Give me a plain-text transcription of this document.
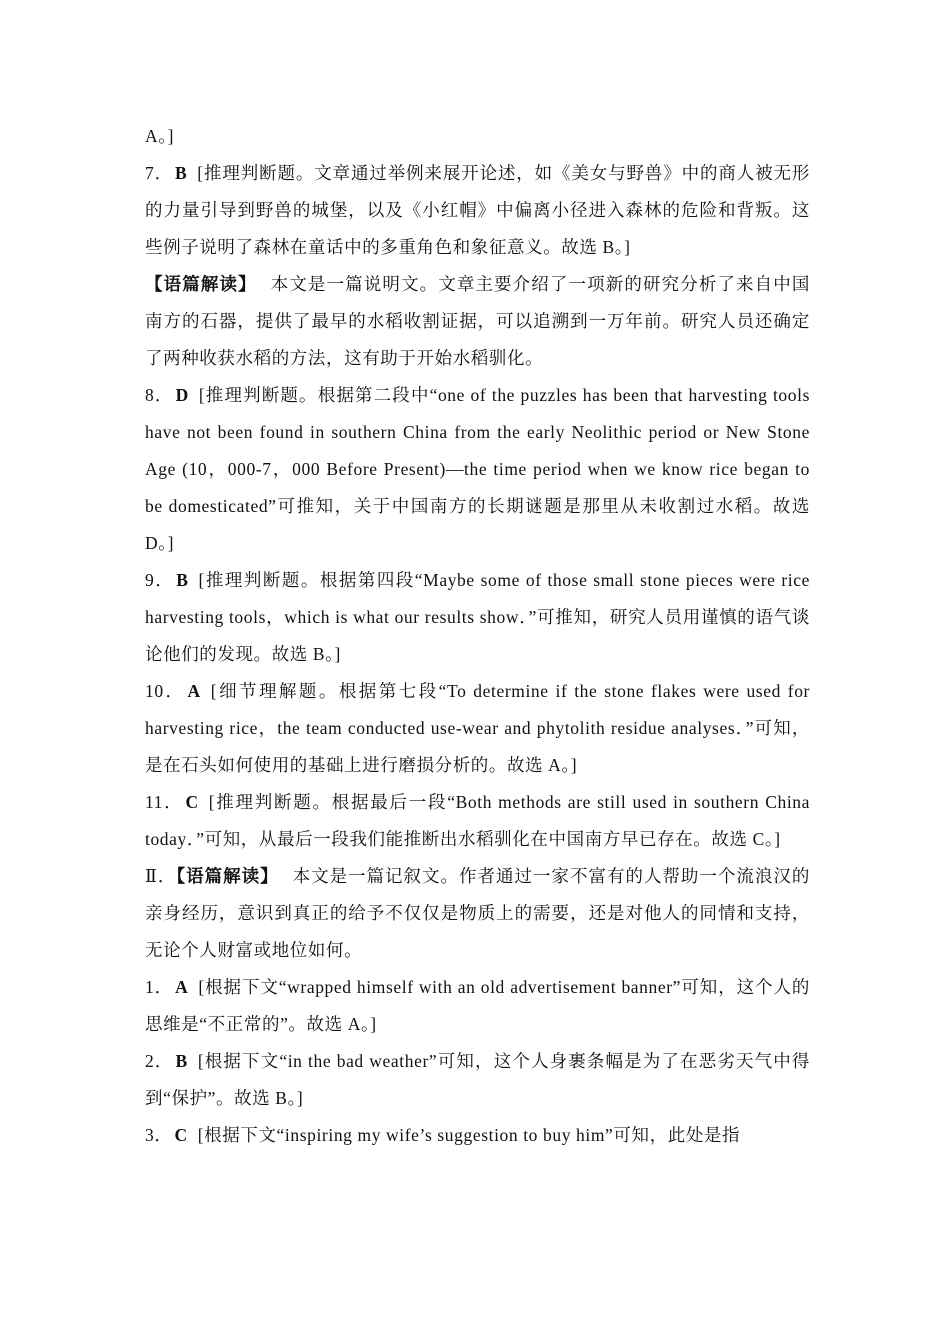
A。]

7． B [推理判断题。文章通过举例来展开论述，如《美女与野兽》中的商人被无形的力量引导到野兽的城堡，以及《小红帽》中偏离小径进入森林的危险和背叛。这些例子说明了森林在童话中的多重角色和象征意义。故选 B。]

【语篇解读】 本文是一篇说明文。文章主要介绍了一项新的研究分析了来自中国南方的石器，提供了最早的水稻收割证据，可以追溯到一万年前。研究人员还确定了两种收获水稻的方法，这有助于开始水稻驯化。

8． D [推理判断题。根据第二段中“one of the puzzles has been that harvesting tools have not been found in southern China from the early Neolithic period or New Stone Age (10，000-7，000 Before Present)—the time period when we know rice began to be domesticated”可推知，关于中国南方的长期谜题是那里从未收割过水稻。故选 D。]

9． B [推理判断题。根据第四段“Maybe some of those small stone pieces were rice harvesting tools，which is what our results show．”可推知，研究人员用谨慎的语气谈论他们的发现。故选 B。]

10． A [细节理解题。根据第七段“To determine if the stone flakes were used for harvesting rice，the team conducted use-wear and phytolith residue analyses．”可知，是在石头如何使用的基础上进行磨损分析的。故选 A。]

11． C [推理判断题。根据最后一段“Both methods are still used in southern China today．”可知，从最后一段我们能推断出水稻驯化在中国南方早已存在。故选 C。]

Ⅱ．【语篇解读】 本文是一篇记叙文。作者通过一家不富有的人帮助一个流浪汉的亲身经历，意识到真正的给予不仅仅是物质上的需要，还是对他人的同情和支持，无论个人财富或地位如何。

1． A [根据下文“wrapped himself with an old advertisement banner”可知，这个人的思维是“不正常的”。故选 A。]

2． B [根据下文“in the bad weather”可知，这个人身裹条幅是为了在恶劣天气中得到“保护”。故选 B。]

3． C [根据下文“inspiring my wife’s suggestion to buy him”可知，此处是指
